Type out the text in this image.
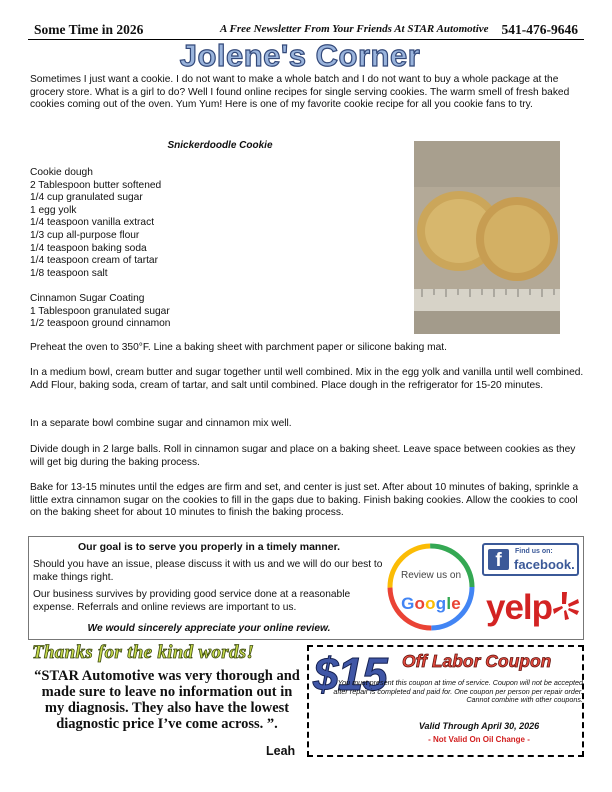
Some Time in 2026	A Free Newsletter From Your Friends At STAR Automotive 541-476-9646
Jolene's Corner

Sometimes I just want a cookie. I do not want to make a whole batch and I do not want to buy a whole package at the grocery store. What is a girl to do? Well I found online recipes for single serving cookies. The warm smell of fresh baked cookies coming out of the oven. Yum Yum! Here is one of my favorite cookie recipe for all you cookie fans to try.

Snickerdoodle Cookie
Cookie dough
2 Tablespoon butter softened
1/4 cup granulated sugar
1 egg yolk
1/4 teaspoon vanilla extract
1/3 cup all-purpose flour
1/4 teaspoon baking soda
1/4 teaspoon cream of tartar
1/8 teaspoon salt
Cinnamon Sugar Coating
1 Tablespoon granulated sugar
1/2 teaspoon ground cinnamon

Preheat the oven to 350°F. Line a baking sheet with parchment paper or silicone baking mat.

In a medium bowl, cream butter and sugar together until well combined. Mix in the egg yolk and vanilla until well combined. Add Flour, baking soda, cream of tartar, and salt until combined. Place dough in the refrigerator for 15-20 minutes.

In a separate bowl combine sugar and cinnamon mix well.

Divide dough in 2 large balls. Roll in cinnamon sugar and place on a baking sheet. Leave space between cookies as they will get big during the baking process.

Bake for 13-15 minutes until the edges are firm and set, and center is just set. After about 10 minutes of baking, sprinkle a little extra cinnamon sugar on the cookies to fill in the gaps due to baking. Finish baking cookies. Allow the cookies to cool on the baking sheet for about 10 minutes to finish the baking process.

Our goal is to serve you properly in a timely manner.

Should you have an issue, please discuss it with us and we will do our best to make things right.

Our business survives by providing good service done at a reasonable expense. Referrals and online reviews are important to us.

We would sincerely appreciate your online review.
Review us on
Google
f	Find us on:
facebook.
yelp
Thanks for the kind words!
“STAR Automotive was very thorough and made sure to leave no information out in my diagnosis. They also have the lowest diagnostic price I’ve come across. ”.
Leah
$15 Off Labor Coupon
You must present this coupon at time of service. Coupon will not be accepted after repair is completed and paid for. One coupon per person per repair order. Cannot combine with other coupons.
Valid Through April 30, 2026
- Not Valid On Oil Change -
